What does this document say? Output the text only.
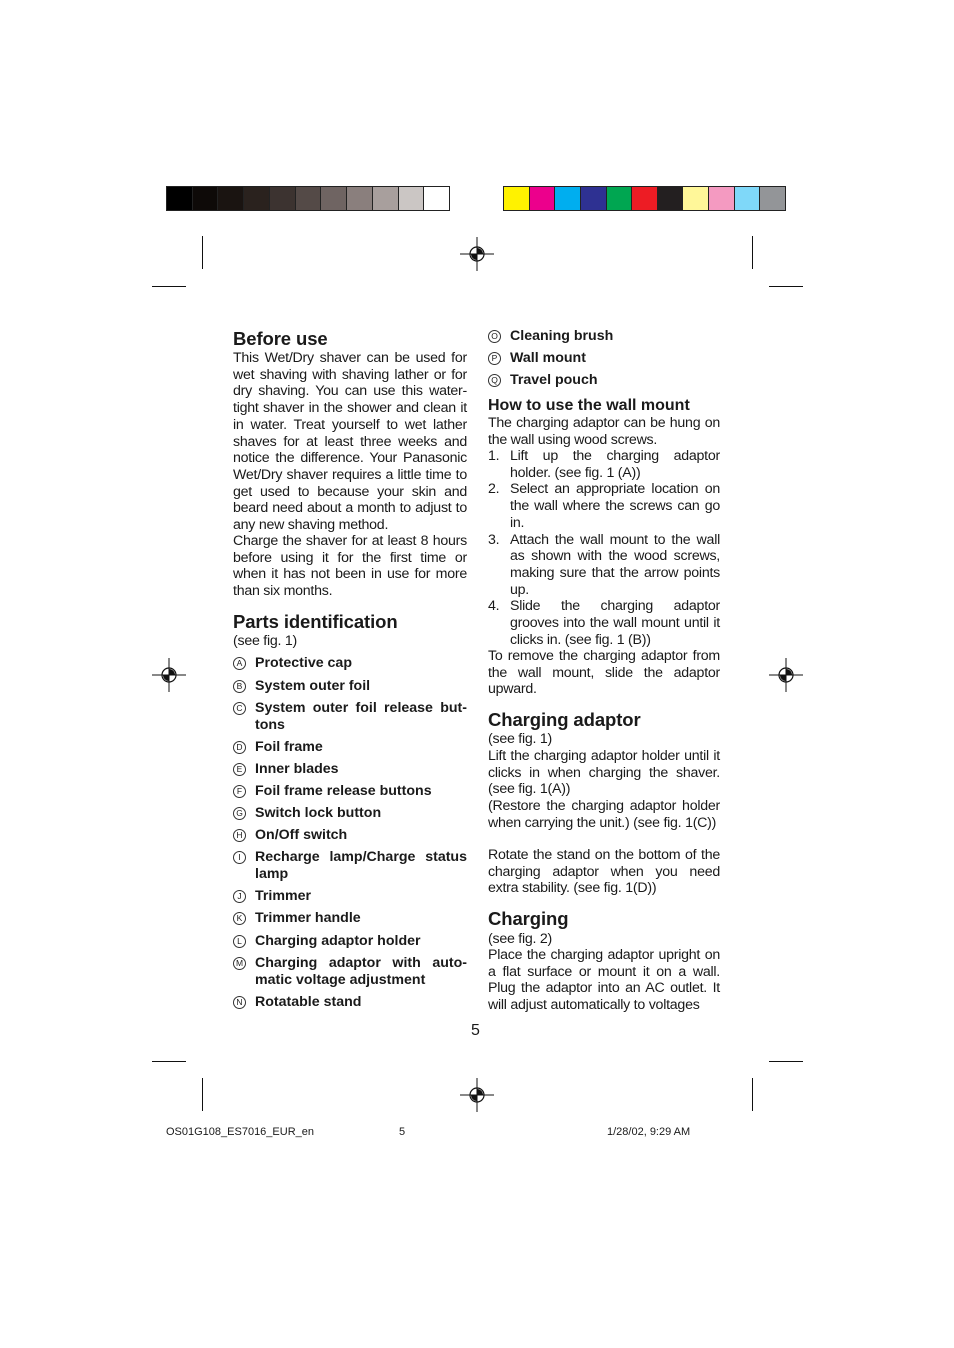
Before use

This Wet/Dry shaver can be used for wet shaving with shaving lather or for dry shaving. You can use this water-tight shaver in the shower and clean it in water. Treat yourself to wet lather shaves for at least three weeks and notice the difference. Your Panasonic Wet/Dry shaver requires a little time to get used to because your skin and beard need about a month to adjust to any new shaving method.

Charge the shaver for at least 8 hours before using it for the first time or when it has not been in use for more than six months.

Parts identification

(see fig. 1)

A Protective cap
B System outer foil
C System outer foil release but-tons
D Foil frame
E Inner blades
F Foil frame release buttons
G Switch lock button
H On/Off switch
I	Recharge lamp/Charge status lamp
J Trimmer
K Trimmer handle
L Charging adaptor holder
M Charging adaptor with auto-matic voltage adjustment
N Rotatable stand
O Cleaning brush
P Wall mount
Q Travel pouch
How to use the wall mount

The charging adaptor can be hung on the wall using wood screws.

1. Lift up the charging adaptor holder. (see fig. 1 (A))
2. Select an appropriate location on the wall where the screws can go in.
3. Attach the wall mount to the wall as shown with the wood screws, making sure that the arrow points up.
4. Slide the charging adaptor grooves into the wall mount until it clicks in. (see fig. 1 (B))

To remove the charging adaptor from the wall mount, slide the adaptor upward.

Charging adaptor

(see fig. 1)

Lift the charging adaptor holder until it clicks in when charging the shaver. (see fig. 1(A))

(Restore the charging adaptor holder when carrying the unit.) (see fig. 1(C))

Rotate the stand on the bottom of the charging adaptor when you need extra stability. (see fig. 1(D))

Charging

(see fig. 2)

Place the charging adaptor upright on a flat surface or mount it on a wall. Plug the adaptor into an AC outlet. It will adjust automatically to voltages

5
OS01G108_ES7016_EUR_en	5	1/28/02, 9:29 AM
